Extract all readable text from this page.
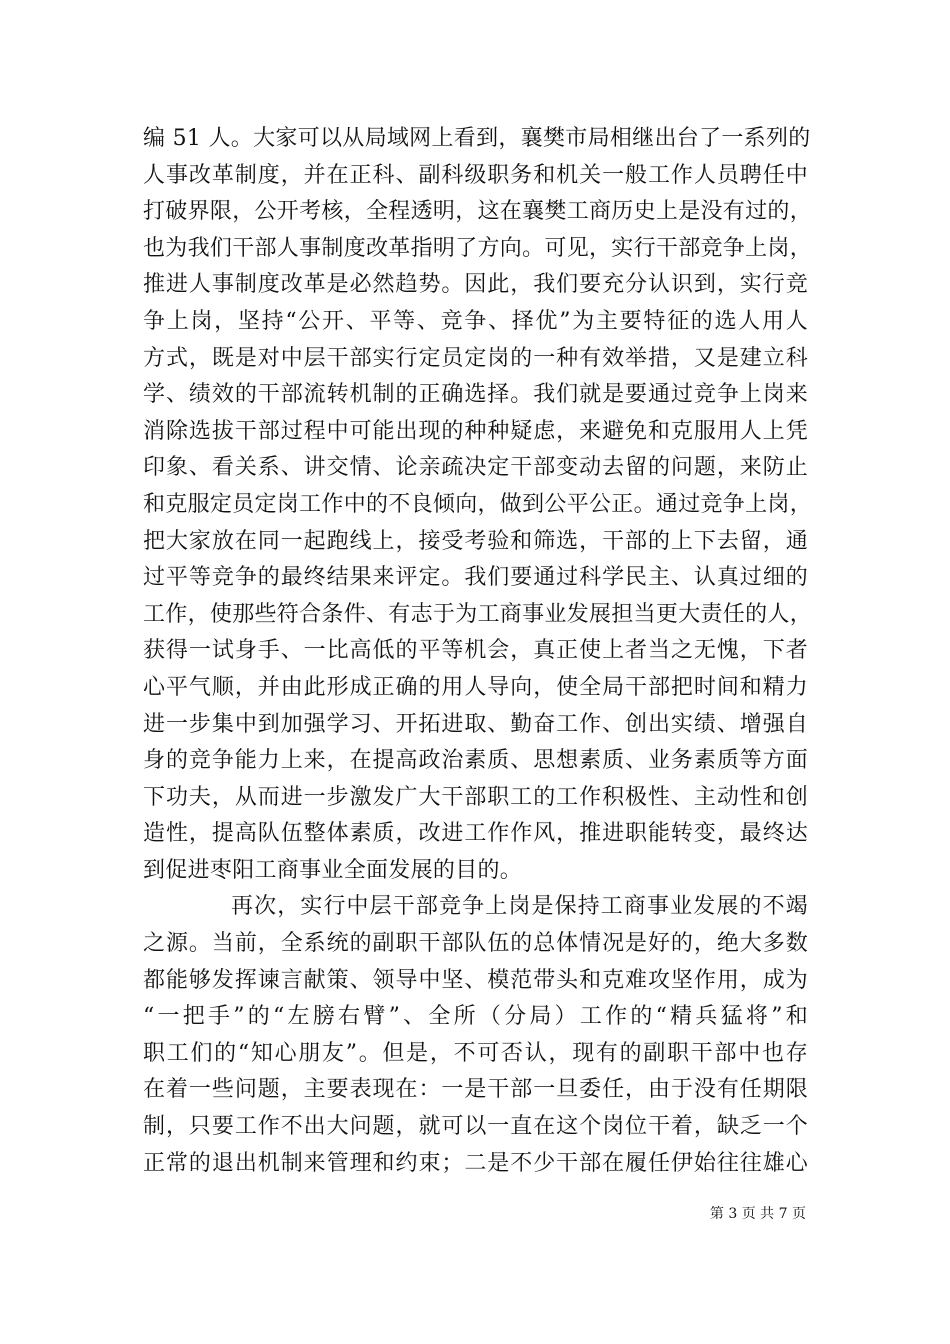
编 51 人。大家可以从局域网上看到，襄樊市局相继出台了一系列的
人事改革制度，并在正科、副科级职务和机关一般工作人员聘任中
打破界限，公开考核，全程透明，这在襄樊工商历史上是没有过的，
也为我们干部人事制度改革指明了方向。可见，实行干部竞争上岗，
推进人事制度改革是必然趋势。因此，我们要充分认识到，实行竞
争上岗，坚持“公开、平等、竞争、择优”为主要特征的选人用人
方式，既是对中层干部实行定员定岗的一种有效举措，又是建立科
学、绩效的干部流转机制的正确选择。我们就是要通过竞争上岗来
消除选拔干部过程中可能出现的种种疑虑，来避免和克服用人上凭
印象、看关系、讲交情、论亲疏决定干部变动去留的问题，来防止
和克服定员定岗工作中的不良倾向，做到公平公正。通过竞争上岗，
把大家放在同一起跑线上，接受考验和筛选，干部的上下去留，通
过平等竞争的最终结果来评定。我们要通过科学民主、认真过细的
工作，使那些符合条件、有志于为工商事业发展担当更大责任的人，
获得一试身手、一比高低的平等机会，真正使上者当之无愧，下者
心平气顺，并由此形成正确的用人导向，使全局干部把时间和精力
进一步集中到加强学习、开拓进取、勤奋工作、创出实绩、增强自
身的竞争能力上来，在提高政治素质、思想素质、业务素质等方面
下功夫，从而进一步激发广大干部职工的工作积极性、主动性和创
造性，提高队伍整体素质，改进工作作风，推进职能转变，最终达
到促进枣阳工商事业全面发展的目的。
再次，实行中层干部竞争上岗是保持工商事业发展的不竭
之源。当前，全系统的副职干部队伍的总体情况是好的，绝大多数
都能够发挥谏言献策、领导中坚、模范带头和克难攻坚作用，成为
“一把手”的“左膀右臂”、全所（分局）工作的“精兵猛将”和
职工们的“知心朋友”。但是，不可否认，现有的副职干部中也存
在着一些问题，主要表现在：一是干部一旦委任，由于没有任期限
制，只要工作不出大问题，就可以一直在这个岗位干着，缺乏一个
正常的退出机制来管理和约束；二是不少干部在履任伊始往往雄心
第 3 页 共 7 页
